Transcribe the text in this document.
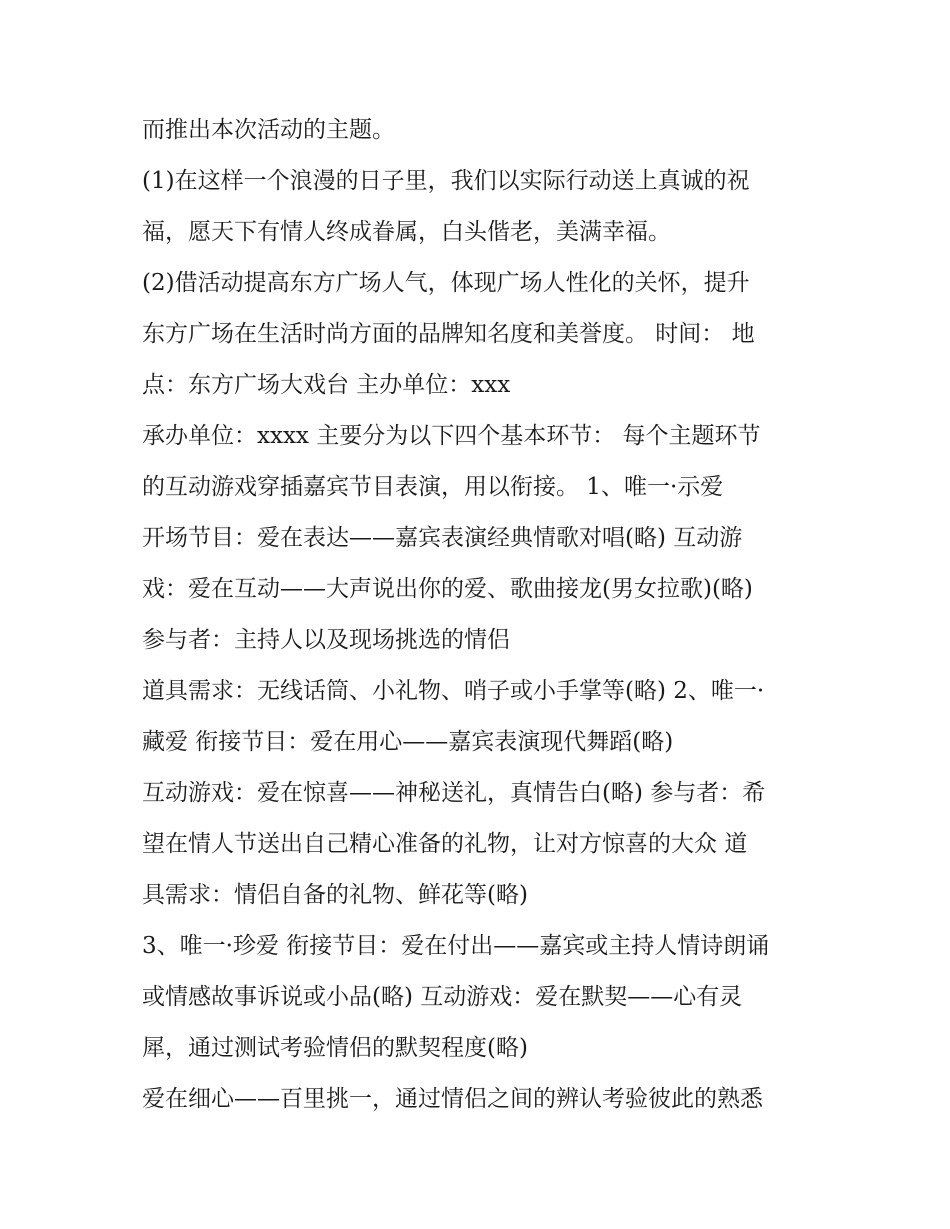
而推出本次活动的主题。
(1)在这样一个浪漫的日子里，我们以实际行动送上真诚的祝
福，愿天下有情人终成眷属，白头偕老，美满幸福。
(2)借活动提高东方广场人气，体现广场人性化的关怀，提升
东方广场在生活时尚方面的品牌知名度和美誉度。 时间： 地
点：东方广场大戏台 主办单位：xxx
承办单位：xxxx 主要分为以下四个基本环节： 每个主题环节
的互动游戏穿插嘉宾节目表演，用以衔接。 1、唯一·示爱
开场节目：爱在表达——嘉宾表演经典情歌对唱(略) 互动游
戏：爱在互动——大声说出你的爱、歌曲接龙(男女拉歌)(略)
参与者：主持人以及现场挑选的情侣
道具需求：无线话筒、小礼物、哨子或小手掌等(略) 2、唯一·
藏爱 衔接节目：爱在用心——嘉宾表演现代舞蹈(略)
互动游戏：爱在惊喜——神秘送礼，真情告白(略) 参与者：希
望在情人节送出自己精心准备的礼物，让对方惊喜的大众 道
具需求：情侣自备的礼物、鲜花等(略)
3、唯一·珍爱 衔接节目：爱在付出——嘉宾或主持人情诗朗诵
或情感故事诉说或小品(略) 互动游戏：爱在默契——心有灵
犀，通过测试考验情侣的默契程度(略)
爱在细心——百里挑一，通过情侣之间的辨认考验彼此的熟悉
